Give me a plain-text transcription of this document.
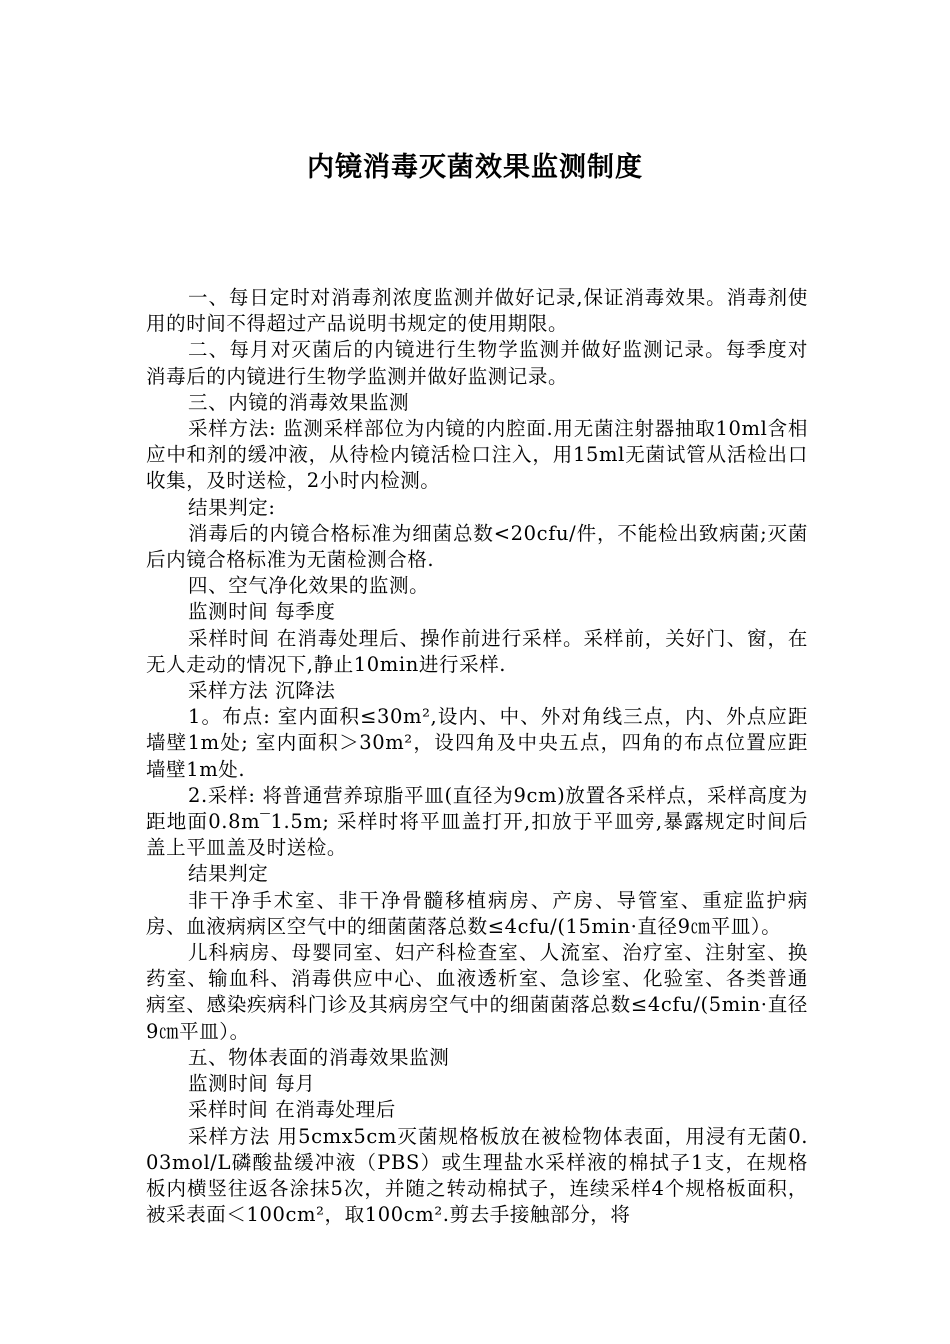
内镜消毒灭菌效果监测制度

一、每日定时对消毒剂浓度监测并做好记录,保证消毒效果。消毒剂使用的时间不得超过产品说明书规定的使用期限。

二、每月对灭菌后的内镜进行生物学监测并做好监测记录。每季度对消毒后的内镜进行生物学监测并做好监测记录。

三、内镜的消毒效果监测

采样方法: 监测采样部位为内镜的内腔面.用无菌注射器抽取10ml含相应中和剂的缓冲液，从待检内镜活检口注入，用15ml无菌试管从活检出口收集，及时送检，2小时内检测。

结果判定:

消毒后的内镜合格标准为细菌总数<20cfu/件，不能检出致病菌;灭菌后内镜合格标准为无菌检测合格.

四、空气净化效果的监测。

监测时间 每季度

采样时间 在消毒处理后、操作前进行采样。采样前，关好门、窗，在无人走动的情况下,静止10min进行采样.

采样方法 沉降法

1。布点: 室内面积≤30m²,设内、中、外对角线三点，内、外点应距墙壁1m处; 室内面积＞30m²，设四角及中央五点，四角的布点位置应距墙壁1m处.

2.采样: 将普通营养琼脂平皿(直径为9cm)放置各采样点，采样高度为距地面0.8m‾1.5m; 采样时将平皿盖打开,扣放于平皿旁,暴露规定时间后盖上平皿盖及时送检。

结果判定

非干净手术室、非干净骨髓移植病房、产房、导管室、重症监护病房、血液病病区空气中的细菌菌落总数≤4cfu/(15min·直径9㎝平皿）。

儿科病房、母婴同室、妇产科检查室、人流室、治疗室、注射室、换药室、输血科、消毒供应中心、血液透析室、急诊室、化验室、各类普通病室、感染疾病科门诊及其病房空气中的细菌菌落总数≤4cfu/(5min·直径9㎝平皿）。

五、物体表面的消毒效果监测

监测时间 每月

采样时间 在消毒处理后

采样方法 用5cmx5cm灭菌规格板放在被检物体表面，用浸有无菌0.03mol/L磷酸盐缓冲液（PBS）或生理盐水采样液的棉拭子1支，在规格板内横竖往返各涂抹5次，并随之转动棉拭子，连续采样4个规格板面积，被采表面＜100cm²，取100cm².剪去手接触部分，将
